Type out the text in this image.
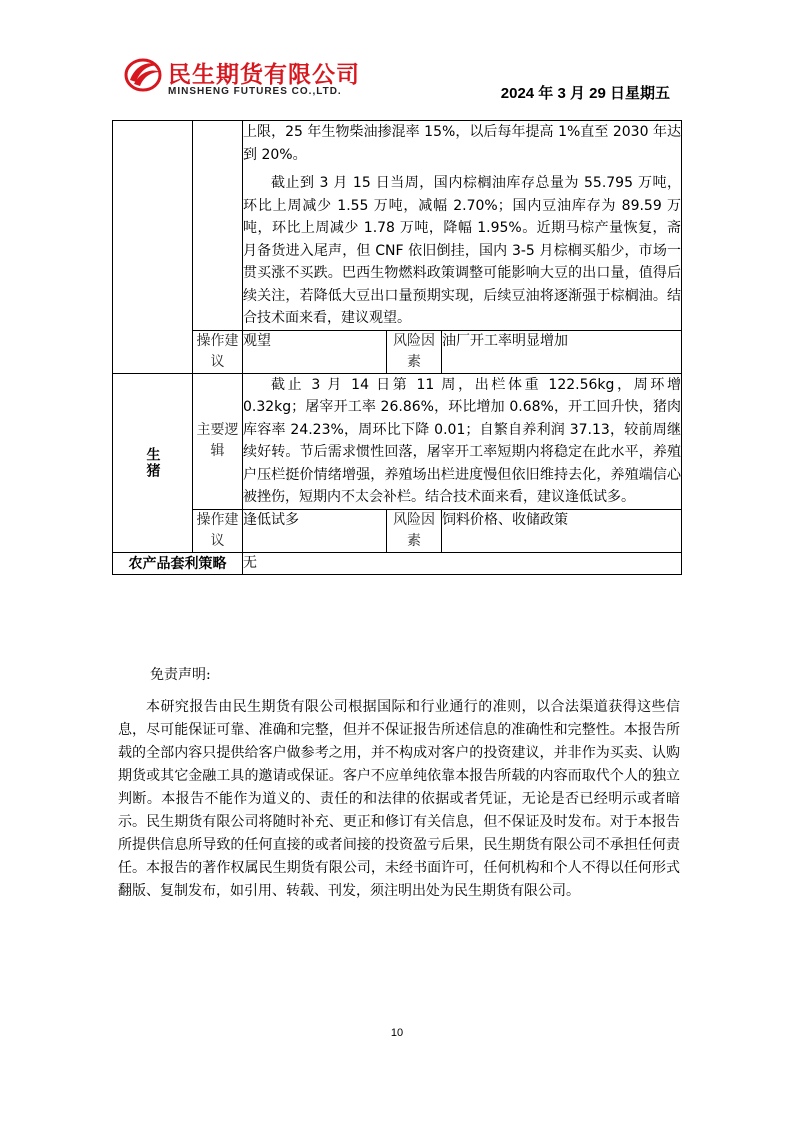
民生期货有限公司
MINSHENG FUTURES CO.,LTD.	2024 年 3 月 29 日星期五

		上限，25 年生物柴油掺混率 15%，以后每年提高 1%直至 2030 年达到 20%。

截止到 3 月 15 日当周，国内棕榈油库存总量为 55.795 万吨，环比上周减少 1.55 万吨，减幅 2.70%；国内豆油库存为 89.59 万吨，环比上周减少 1.78 万吨，降幅 1.95%。近期马棕产量恢复，斋月备货进入尾声，但 CNF 依旧倒挂，国内 3-5 月棕榈买船少，市场一贯买涨不买跌。巴西生物燃料政策调整可能影响大豆的出口量，值得后续关注，若降低大豆出口量预期实现，后续豆油将逐渐强于棕榈油。结合技术面来看，建议观望。		

	操作建议	观望	风险因素	油厂开工率明显增加
生猪	主要逻辑	截止 3 月 14 日第 11 周，出栏体重 122.56kg，周环增 0.32kg；屠宰开工率 26.86%，环比增加 0.68%，开工回升快，猪肉库容率 24.23%，周环比下降 0.01；自繁自养利润 37.13，较前周继续好转。节后需求惯性回落，屠宰开工率短期内将稳定在此水平，养殖户压栏挺价情绪增强，养殖场出栏进度慢但依旧维持去化，养殖端信心被挫伤，短期内不太会补栏。结合技术面来看，建议逢低试多。		

	操作建议	逢低试多	风险因素	饲料价格、收储政策
农产品套利策略		无		

免责声明:

本研究报告由民生期货有限公司根据国际和行业通行的准则，以合法渠道获得这些信息，尽可能保证可靠、准确和完整，但并不保证报告所述信息的准确性和完整性。本报告所载的全部内容只提供给客户做参考之用，并不构成对客户的投资建议，并非作为买卖、认购期货或其它金融工具的邀请或保证。客户不应单纯依靠本报告所载的内容而取代个人的独立判断。本报告不能作为道义的、责任的和法律的依据或者凭证，无论是否已经明示或者暗示。民生期货有限公司将随时补充、更正和修订有关信息，但不保证及时发布。对于本报告所提供信息所导致的任何直接的或者间接的投资盈亏后果，民生期货有限公司不承担任何责任。本报告的著作权属民生期货有限公司，未经书面许可，任何机构和个人不得以任何形式翻版、复制发布，如引用、转载、刊发，须注明出处为民生期货有限公司。

10
